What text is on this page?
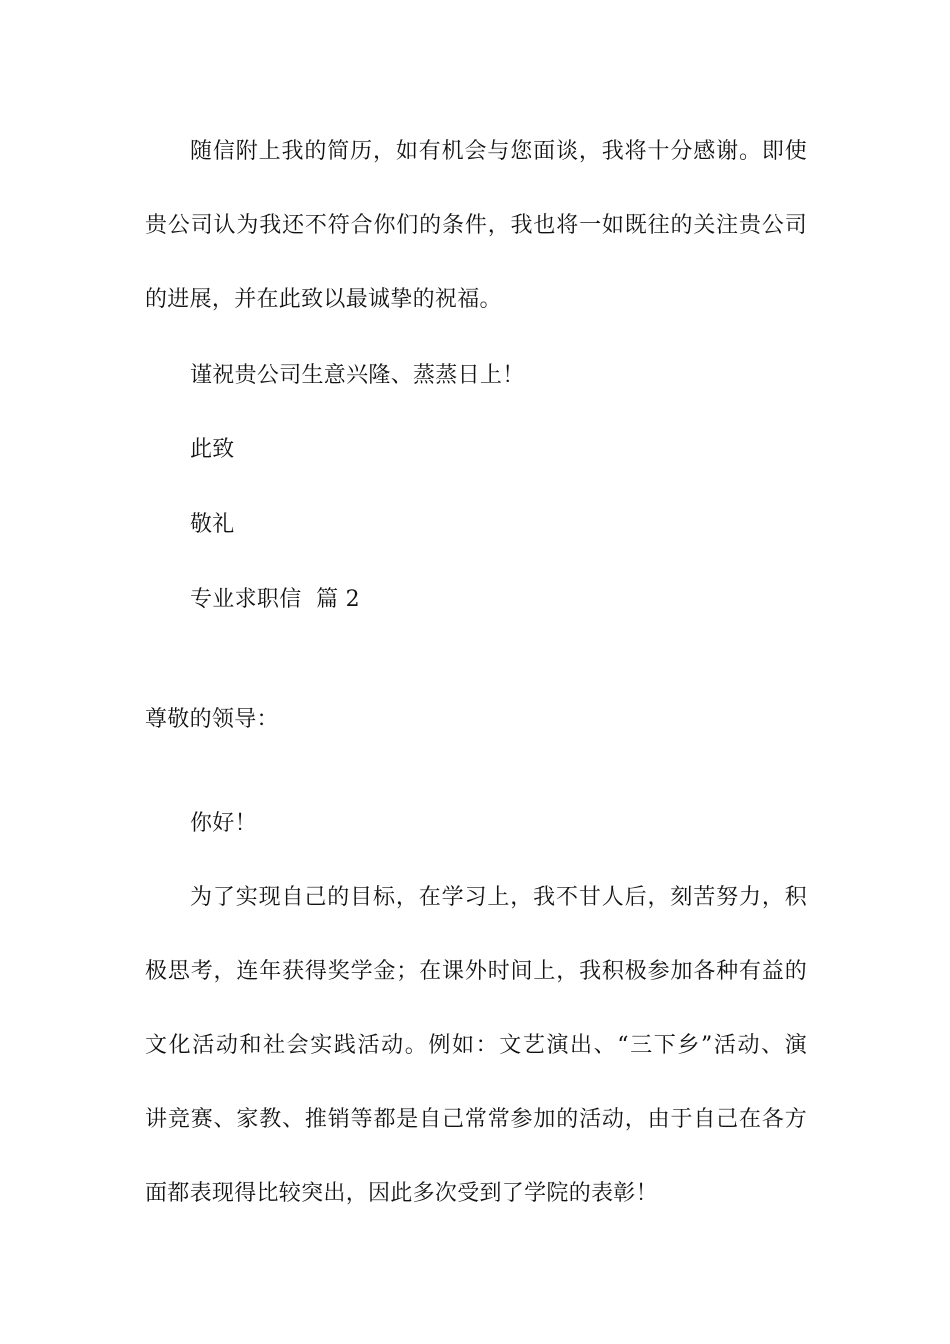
随信附上我的简历，如有机会与您面谈，我将十分感谢。即使
贵公司认为我还不符合你们的条件，我也将一如既往的关注贵公司
的进展，并在此致以最诚挚的祝福。

谨祝贵公司生意兴隆、蒸蒸日上！

此致

敬礼

专业求职信  篇 2

尊敬的领导：

你好！

为了实现自己的目标，在学习上，我不甘人后，刻苦努力，积
极思考，连年获得奖学金；在课外时间上，我积极参加各种有益的
文化活动和社会实践活动。例如：文艺演出、“三下乡”活动、演
讲竞赛、家教、推销等都是自己常常参加的活动，由于自己在各方
面都表现得比较突出，因此多次受到了学院的表彰！
